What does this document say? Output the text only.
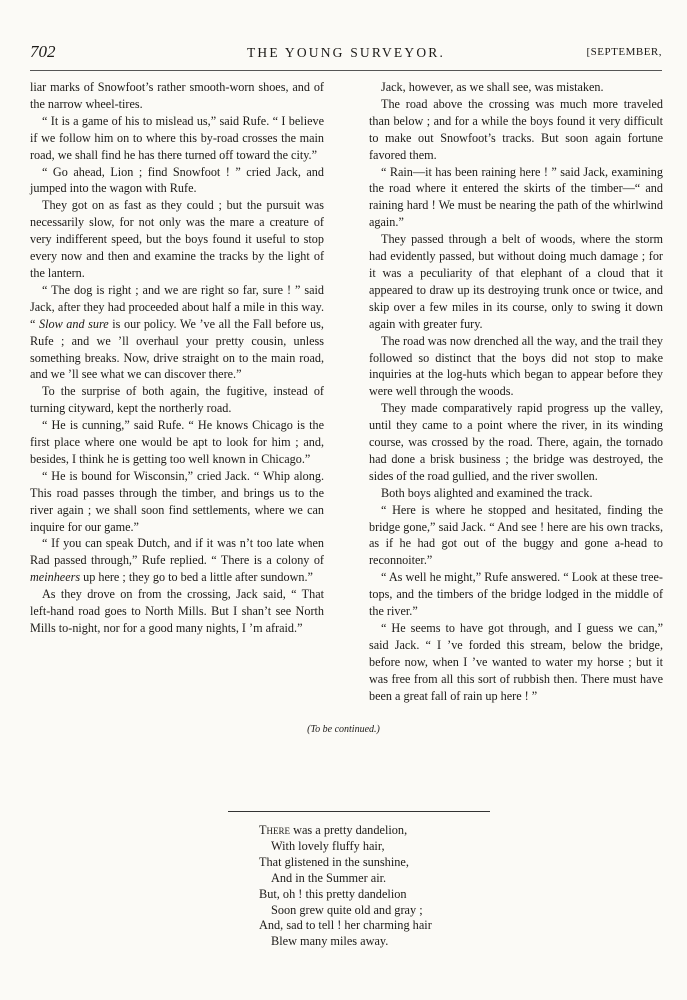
702	THE YOUNG SURVEYOR.	[SEPTEMBER,

liar marks of Snowfoot’s rather smooth-worn shoes, and of the narrow wheel-tires.

“ It is a game of his to mislead us,” said Rufe. “ I believe if we follow him on to where this by-road crosses the main road, we shall find he has there turned off toward the city.”

“ Go ahead, Lion ; find Snowfoot ! ” cried Jack, and jumped into the wagon with Rufe.

They got on as fast as they could ; but the pursuit was necessarily slow, for not only was the mare a creature of very indifferent speed, but the boys found it useful to stop every now and then and examine the tracks by the light of the lantern.

“ The dog is right ; and we are right so far, sure ! ” said Jack, after they had proceeded about half a mile in this way. “ Slow and sure is our policy. We ’ve all the Fall before us, Rufe ; and we ’ll overhaul your pretty cousin, unless something breaks. Now, drive straight on to the main road, and we ’ll see what we can discover there.”

To the surprise of both again, the fugitive, instead of turning cityward, kept the northerly road.

“ He is cunning,” said Rufe. “ He knows Chicago is the first place where one would be apt to look for him ; and, besides, I think he is getting too well known in Chicago.”

“ He is bound for Wisconsin,” cried Jack. “ Whip along. This road passes through the timber, and brings us to the river again ; we shall soon find settlements, where we can inquire for our game.”

“ If you can speak Dutch, and if it was n’t too late when Rad passed through,” Rufe replied. “ There is a colony of meinheers up here ; they go to bed a little after sundown.”

As they drove on from the crossing, Jack said, “ That left-hand road goes to North Mills. But I shan’t see North Mills to-night, nor for a good many nights, I ’m afraid.”

Jack, however, as we shall see, was mistaken.

The road above the crossing was much more traveled than below ; and for a while the boys found it very difficult to make out Snowfoot’s tracks. But soon again fortune favored them.

“ Rain—it has been raining here ! ” said Jack, examining the road where it entered the skirts of the timber—“ and raining hard ! We must be nearing the path of the whirlwind again.”

They passed through a belt of woods, where the storm had evidently passed, but without doing much damage ; for it was a peculiarity of that elephant of a cloud that it appeared to draw up its destroying trunk once or twice, and skip over a few miles in its course, only to swing it down again with greater fury.

The road was now drenched all the way, and the trail they followed so distinct that the boys did not stop to make inquiries at the log-huts which began to appear before they were well through the woods.

They made comparatively rapid progress up the valley, until they came to a point where the river, in its winding course, was crossed by the road. There, again, the tornado had done a brisk business ; the bridge was destroyed, the sides of the road gullied, and the river swollen.

Both boys alighted and examined the track.

“ Here is where he stopped and hesitated, finding the bridge gone,” said Jack. “ And see ! here are his own tracks, as if he had got out of the buggy and gone a-head to reconnoiter.”

“ As well he might,” Rufe answered. “ Look at these tree-tops, and the timbers of the bridge lodged in the middle of the river.”

“ He seems to have got through, and I guess we can,” said Jack. “ I ’ve forded this stream, below the bridge, before now, when I ’ve wanted to water my horse ; but it was free from all this sort of rubbish then. There must have been a great fall of rain up here ! ”

(To be continued.)
There was a pretty dandelion,
With lovely fluffy hair,
That glistened in the sunshine,
And in the Summer air.
But, oh ! this pretty dandelion
Soon grew quite old and gray ;
And, sad to tell ! her charming hair
Blew many miles away.
